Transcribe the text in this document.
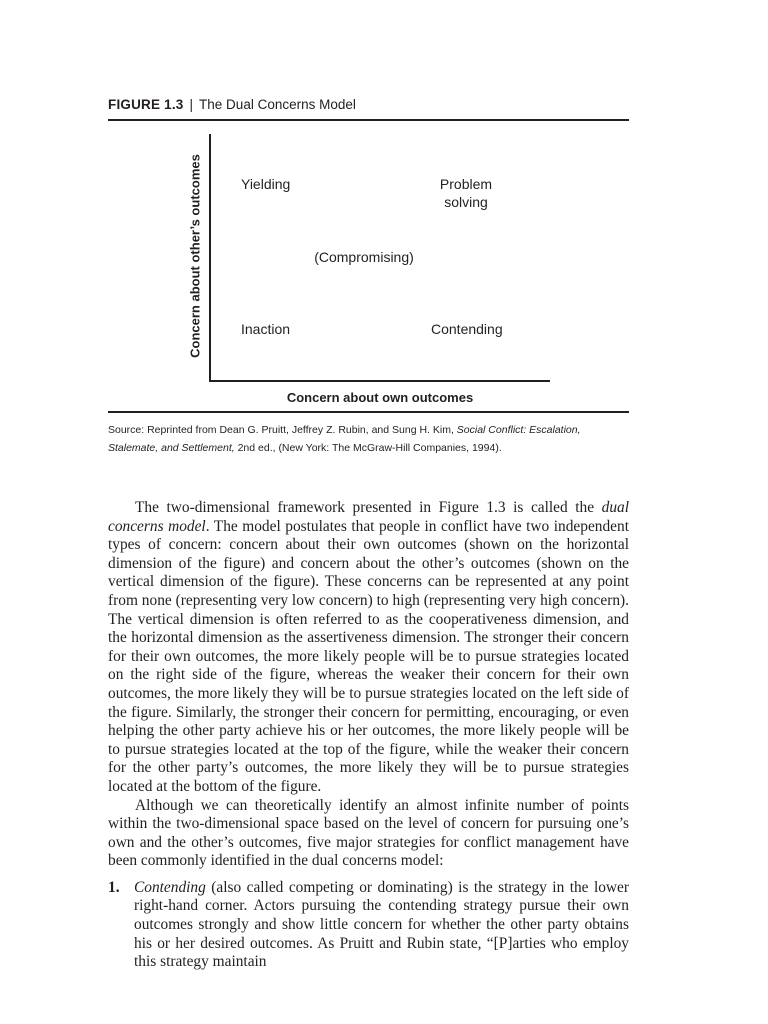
FIGURE 1.3 | The Dual Concerns Model
Concern about other’s outcomes
Concern about own outcomes
Yielding	Problem
solving
(Compromising)
Inaction	Contending
Source: Reprinted from Dean G. Pruitt, Jeffrey Z. Rubin, and Sung H. Kim, Social Conflict: Escalation, Stalemate, and Settlement, 2nd ed., (New York: The McGraw-Hill Companies, 1994).

The two-dimensional framework presented in Figure 1.3 is called the dual concerns model. The model postulates that people in conflict have two independent types of concern: concern about their own outcomes (shown on the horizontal dimension of the figure) and concern about the other’s outcomes (shown on the vertical dimension of the figure). These concerns can be represented at any point from none (representing very low concern) to high (representing very high concern). The vertical dimension is often referred to as the cooperativeness dimension, and the horizontal dimension as the assertiveness dimension. The stronger their concern for their own outcomes, the more likely people will be to pursue strategies located on the right side of the figure, whereas the weaker their concern for their own outcomes, the more likely they will be to pursue strategies located on the left side of the figure. Similarly, the stronger their concern for permitting, encouraging, or even helping the other party achieve his or her outcomes, the more likely people will be to pursue strategies located at the top of the figure, while the weaker their concern for the other party’s outcomes, the more likely they will be to pursue strategies located at the bottom of the figure.

Although we can theoretically identify an almost infinite number of points within the two-dimensional space based on the level of concern for pursuing one’s own and the other’s outcomes, five major strategies for conflict management have been commonly identified in the dual concerns model:

1. Contending (also called competing or dominating) is the strategy in the lower right-hand corner. Actors pursuing the contending strategy pursue their own outcomes strongly and show little concern for whether the other party obtains his or her desired outcomes. As Pruitt and Rubin state, “[P]arties who employ this strategy maintain
